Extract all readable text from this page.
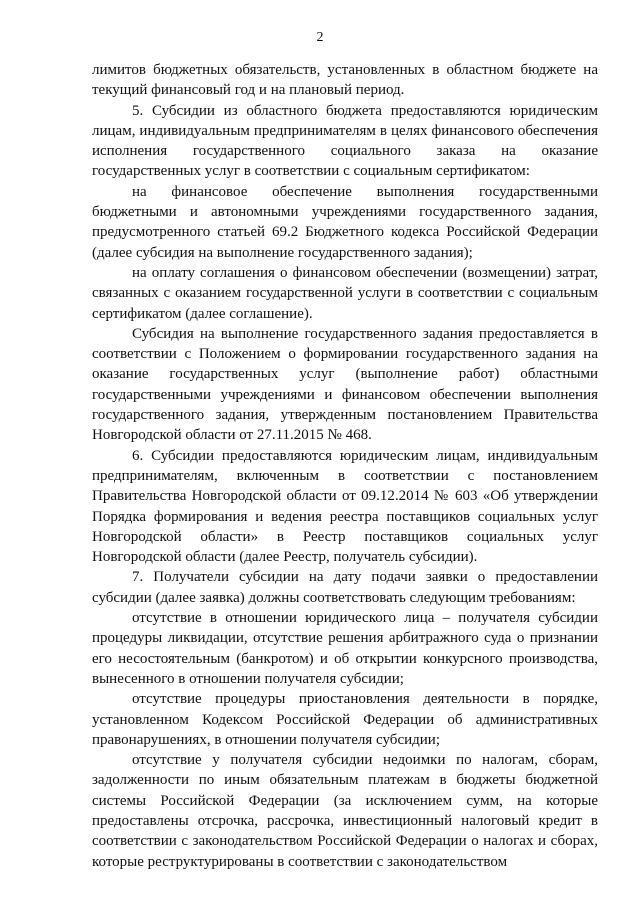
2

лимитов бюджетных обязательств, установленных в областном бюджете на текущий финансовый год и на плановый период.

5. Субсидии из областного бюджета предоставляются юридическим лицам, индивидуальным предпринимателям в целях финансового обеспечения исполнения государственного социального заказа на оказание государственных услуг в соответствии с социальным сертификатом:

на финансовое обеспечение выполнения государственными бюджетными и автономными учреждениями государственного задания, предусмотренного статьей 69.2 Бюджетного кодекса Российской Федерации (далее субсидия на выполнение государственного задания);

на оплату соглашения о финансовом обеспечении (возмещении) затрат, связанных с оказанием государственной услуги в соответствии с социальным сертификатом (далее соглашение).

Субсидия на выполнение государственного задания предоставляется в соответствии с Положением о формировании государственного задания на оказание государственных услуг (выполнение работ) областными государственными учреждениями и финансовом обеспечении выполнения государственного задания, утвержденным постановлением Правительства Новгородской области от 27.11.2015 № 468.

6. Субсидии предоставляются юридическим лицам, индивидуальным предпринимателям, включенным в соответствии с постановлением Правительства Новгородской области от 09.12.2014 № 603 «Об утверждении Порядка формирования и ведения реестра поставщиков социальных услуг Новгородской области» в Реестр поставщиков социальных услуг Новгородской области (далее Реестр, получатель субсидии).

7. Получатели субсидии на дату подачи заявки о предоставлении субсидии (далее заявка) должны соответствовать следующим требованиям:

отсутствие в отношении юридического лица – получателя субсидии процедуры ликвидации, отсутствие решения арбитражного суда о признании его несостоятельным (банкротом) и об открытии конкурсного производства, вынесенного в отношении получателя субсидии;

отсутствие процедуры приостановления деятельности в порядке, установленном Кодексом Российской Федерации об административных правонарушениях, в отношении получателя субсидии;

отсутствие у получателя субсидии недоимки по налогам, сборам, задолженности по иным обязательным платежам в бюджеты бюджетной системы Российской Федерации (за исключением сумм, на которые предоставлены отсрочка, рассрочка, инвестиционный налоговый кредит в соответствии с законодательством Российской Федерации о налогах и сборах, которые реструктурированы в соответствии с законодательством
